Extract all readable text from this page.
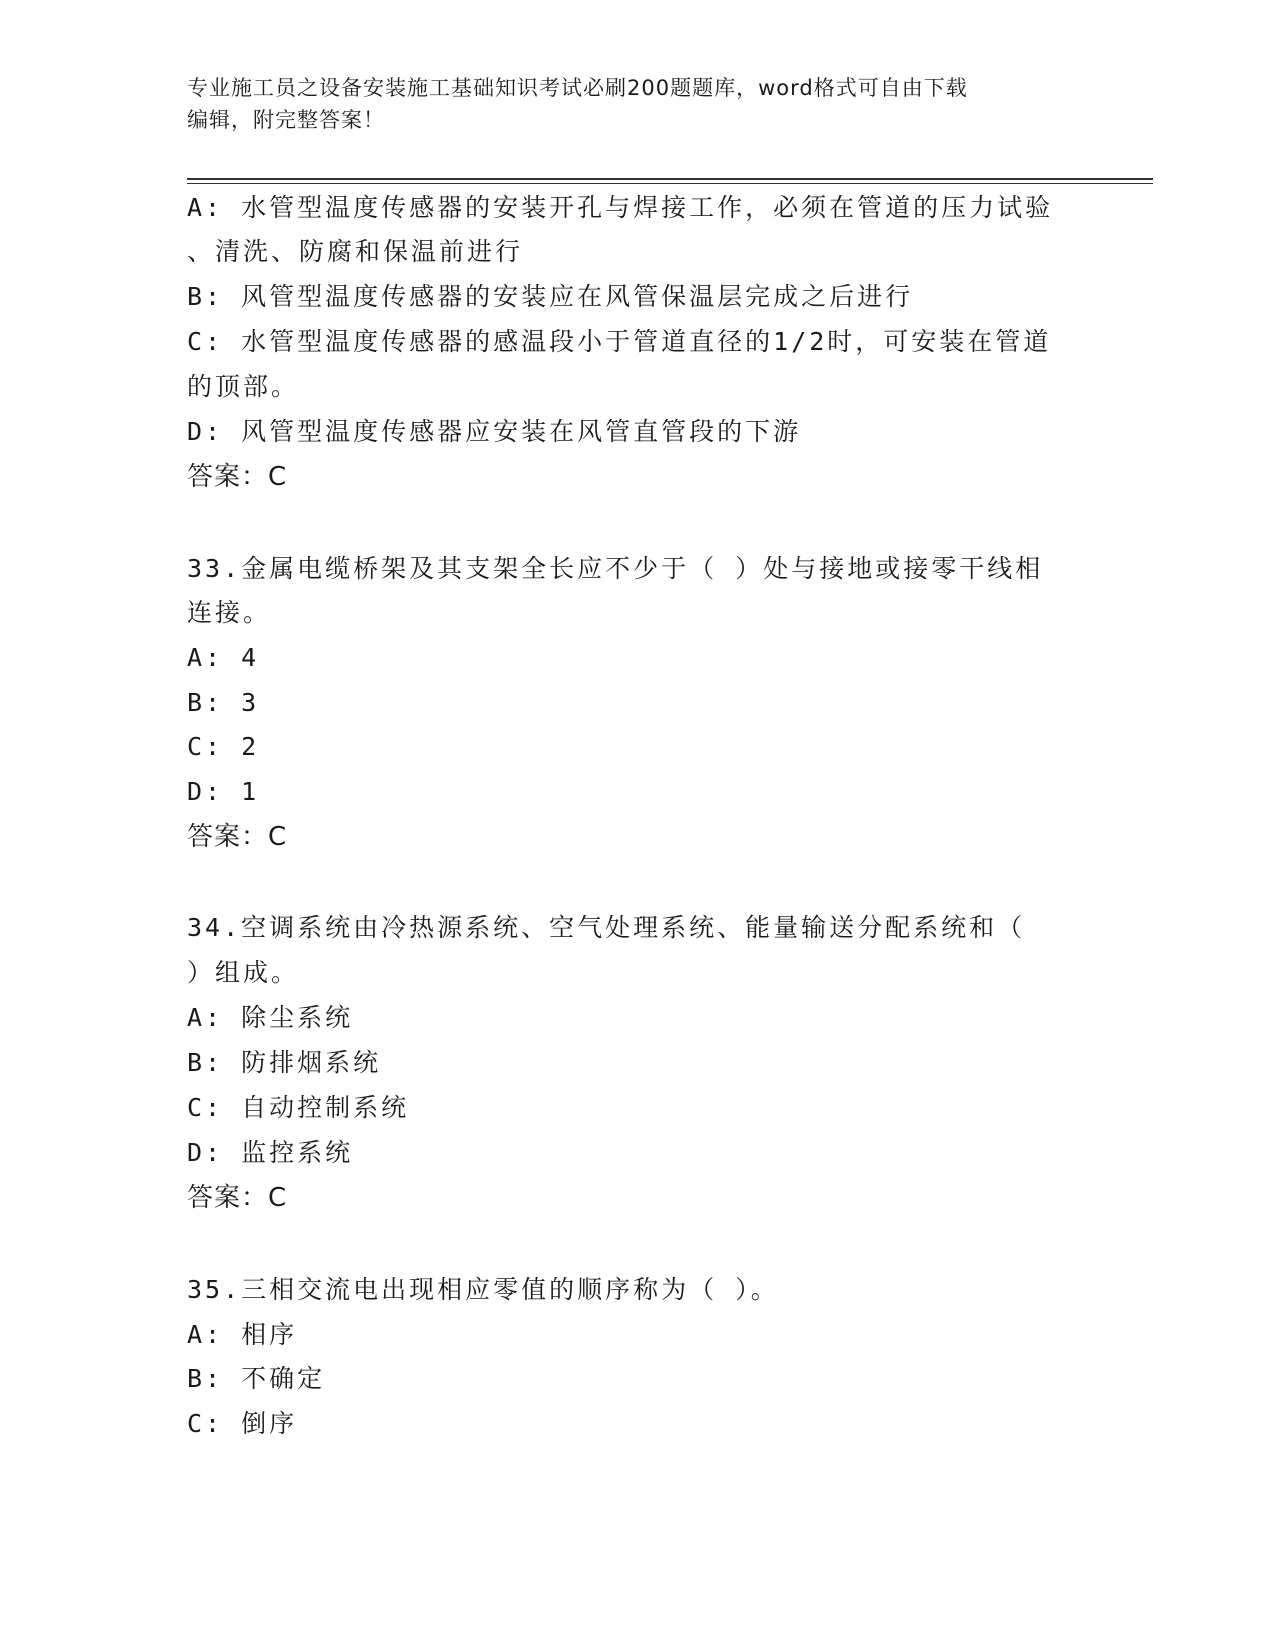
专业施工员之设备安装施工基础知识考试必刷200题题库，word格式可自由下载
编辑，附完整答案！
A: 水管型温度传感器的安装开孔与焊接工作，必须在管道的压力试验
、清洗、防腐和保温前进行
B: 风管型温度传感器的安装应在风管保温层完成之后进行
C: 水管型温度传感器的感温段小于管道直径的1/2时，可安装在管道
的顶部。
D: 风管型温度传感器应安装在风管直管段的下游
答案：C
33.金属电缆桥架及其支架全长应不少于（ ）处与接地或接零干线相
连接。
A: 4
B: 3
C: 2
D: 1
答案：C
34.空调系统由冷热源系统、空气处理系统、能量输送分配系统和（
）组成。
A: 除尘系统
B: 防排烟系统
C: 自动控制系统
D: 监控系统
答案：C
35.三相交流电出现相应零值的顺序称为（ ）。
A: 相序
B: 不确定
C: 倒序
